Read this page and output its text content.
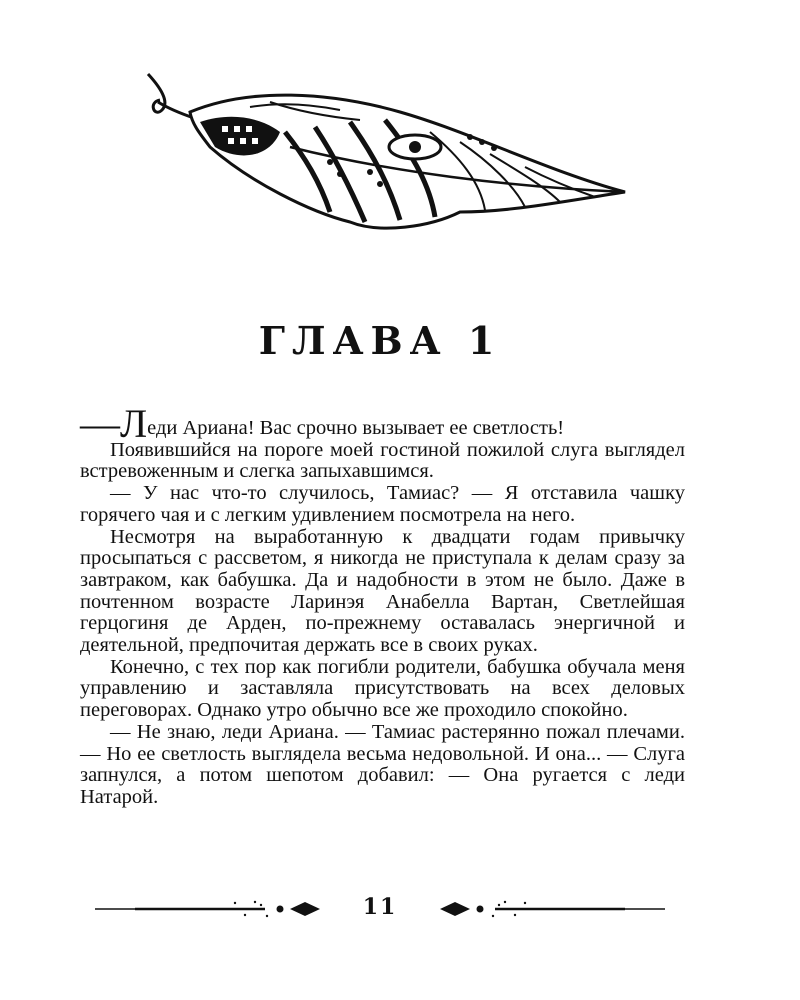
ГЛАВА 1

—Леди Ариана! Вас срочно вызывает ее светлость!

Появившийся на пороге моей гостиной пожилой слуга выглядел встревоженным и слегка запыхавшимся.

— У нас что-то случилось, Тамиас? — Я отставила чашку горячего чая и с легким удивлением посмотрела на него.

Несмотря на выработанную к двадцати годам привычку просыпаться с рассветом, я никогда не приступала к делам сразу за завтраком, как бабушка. Да и надобности в этом не было. Даже в почтенном возрасте Ларинэя Анабелла Вартан, Светлейшая герцогиня де Арден, по-прежнему оставалась энергичной и деятельной, предпочитая держать все в своих руках.

Конечно, с тех пор как погибли родители, бабушка обучала меня управлению и заставляла присутствовать на всех деловых переговорах. Однако утро обычно все же проходило спокойно.

— Не знаю, леди Ариана. — Тамиас растерянно пожал плечами. — Но ее светлость выглядела весьма недовольной. И она... — Слуга запнулся, а потом шепотом добавил: — Она ругается с леди Натарой.

11
